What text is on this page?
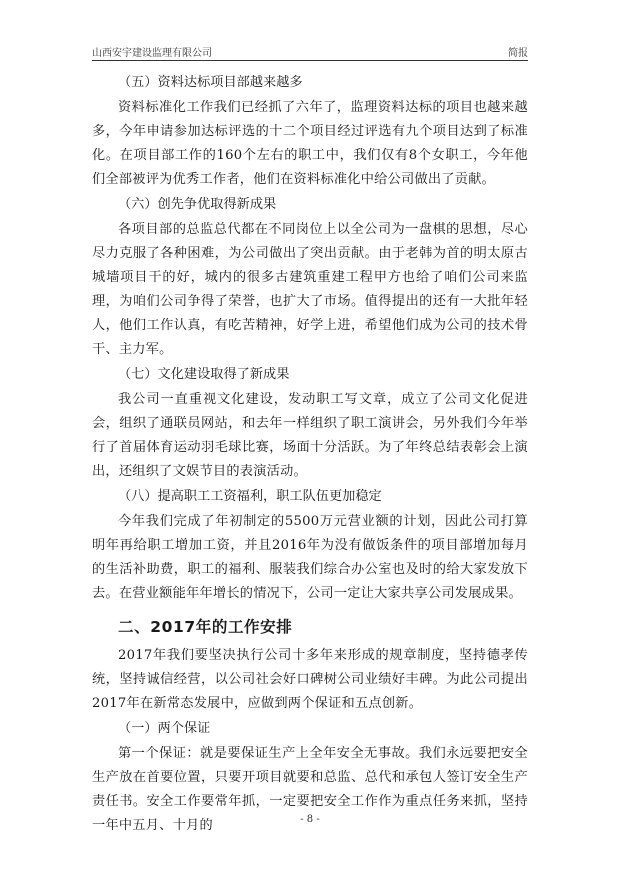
山西安宇建设监理有限公司	简报

（五）资料达标项目部越来越多

资料标准化工作我们已经抓了六年了，监理资料达标的项目也越来越多，今年申请参加达标评选的十二个项目经过评选有九个项目达到了标准化。在项目部工作的160个左右的职工中，我们仅有8个女职工，今年他们全部被评为优秀工作者，他们在资料标准化中给公司做出了贡献。

（六）创先争优取得新成果

各项目部的总监总代都在不同岗位上以全公司为一盘棋的思想，尽心尽力克服了各种困难，为公司做出了突出贡献。由于老韩为首的明太原古城墙项目干的好，城内的很多古建筑重建工程甲方也给了咱们公司来监理，为咱们公司争得了荣誉，也扩大了市场。值得提出的还有一大批年轻人，他们工作认真，有吃苦精神，好学上进，希望他们成为公司的技术骨干、主力军。

（七）文化建设取得了新成果

我公司一直重视文化建设，发动职工写文章，成立了公司文化促进会，组织了通联员网站，和去年一样组织了职工演讲会，另外我们今年举行了首届体育运动羽毛球比赛，场面十分活跃。为了年终总结表彰会上演出，还组织了文娱节目的表演活动。

（八）提高职工工资福利，职工队伍更加稳定

今年我们完成了年初制定的5500万元营业额的计划，因此公司打算明年再给职工增加工资，并且2016年为没有做饭条件的项目部增加每月的生活补助费，职工的福利、服装我们综合办公室也及时的给大家发放下去。在营业额能年年增长的情况下，公司一定让大家共享公司发展成果。

二、2017年的工作安排

2017年我们要坚决执行公司十多年来形成的规章制度，坚持德孝传统，坚持诚信经营，以公司社会好口碑树公司业绩好丰碑。为此公司提出2017年在新常态发展中，应做到两个保证和五点创新。

（一）两个保证

第一个保证：就是要保证生产上全年安全无事故。我们永远要把安全生产放在首要位置，只要开项目就要和总监、总代和承包人签订安全生产责任书。安全工作要常年抓，一定要把安全工作作为重点任务来抓，坚持一年中五月、十月的	- 8 -
